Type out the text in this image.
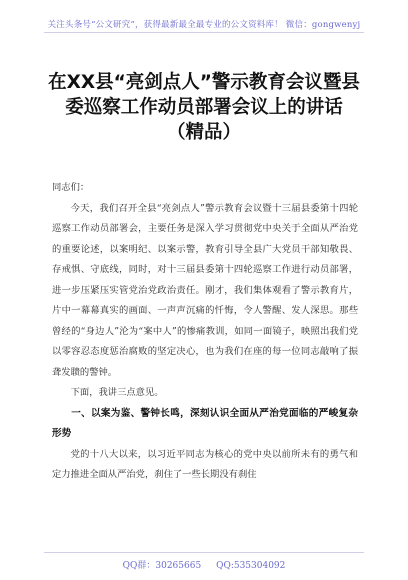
关注头条号“公文研究”，获得最新最全最专业的公文资料库！ 微信：gongwenyj
在XX县“亮剑点人”警示教育会议暨县委巡察工作动员部署会议上的讲话（精品）

同志们：

今天，我们召开全县“亮剑点人”警示教育会议暨十三届县委第十四轮巡察工作动员部署会，主要任务是深入学习贯彻党中央关于全面从严治党的重要论述，以案明纪、以案示警，教育引导全县广大党员干部知敬畏、存戒惧、守底线，同时，对十三届县委第十四轮巡察工作进行动员部署，进一步压紧压实管党治党政治责任。刚才，我们集体观看了警示教育片，片中一幕幕真实的画面、一声声沉痛的忏悔，令人警醒、发人深思。那些曾经的“身边人”沦为“案中人”的惨痛教训，如同一面镜子，映照出我们党以零容忍态度惩治腐败的坚定决心，也为我们在座的每一位同志敲响了振聋发聩的警钟。

下面，我讲三点意见。

一、以案为鉴、警钟长鸣，深刻认识全面从严治党面临的严峻复杂形势

党的十八大以来，以习近平同志为核心的党中央以前所未有的勇气和定力推进全面从严治党，刹住了一些长期没有刹住

QQ群：30265665 QQ:535304092
